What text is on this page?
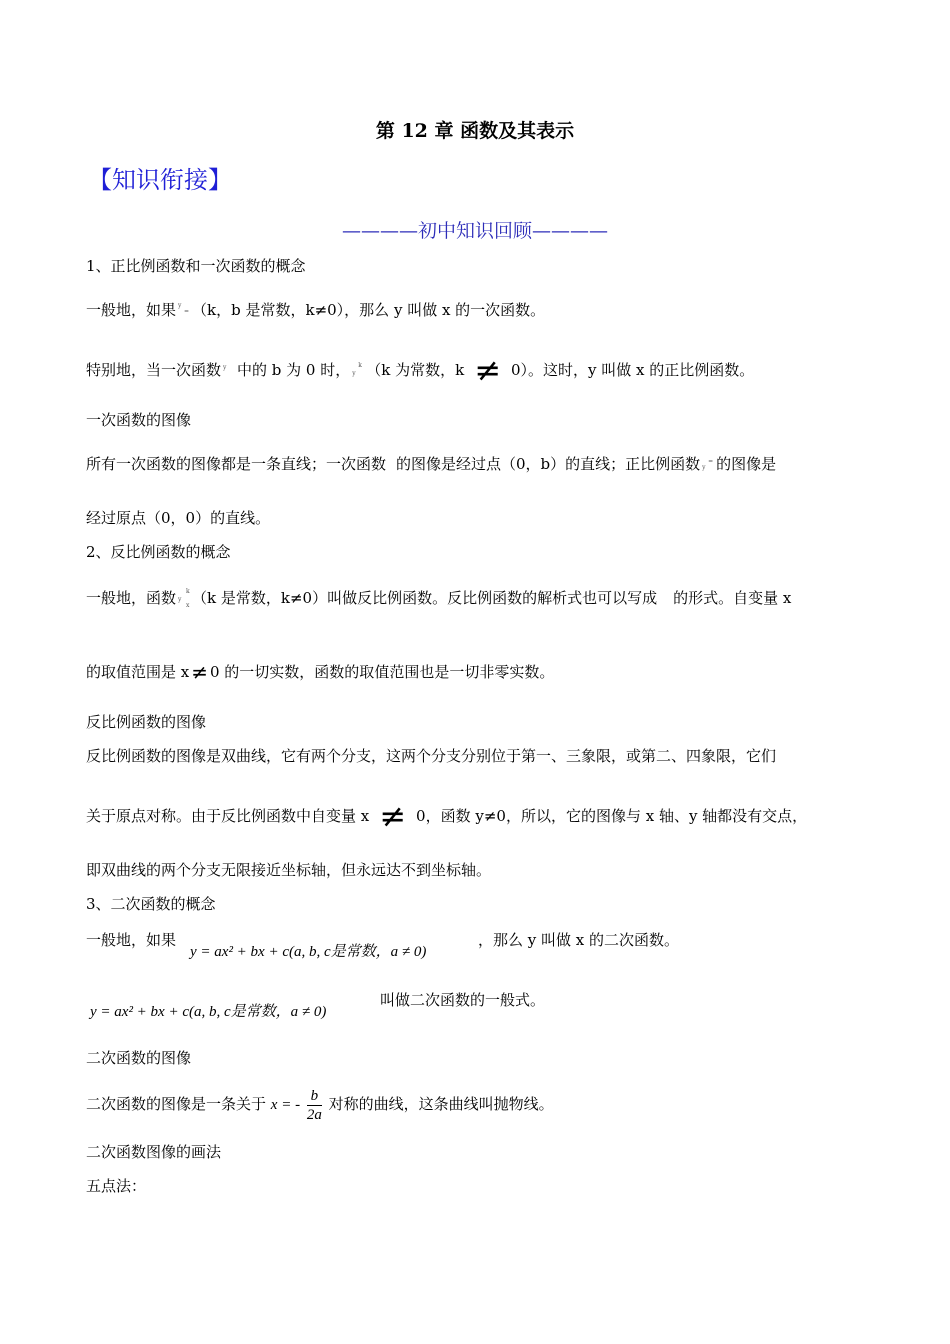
第 12 章 函数及其表示
【知识衔接】
————初中知识回顾————
1、正比例函数和一次函数的概念
一般地，如果 y
= （k，b 是常数，k≠0），那么 y 叫做 x 的一次函数。
特别地，当一次函数 y 中的 b 为 0 时， y
k （k 为常数，k ≠ 0）。这时，y 叫做 x 的正比例函数。
一次函数的图像
所有一次函数的图像都是一条直线；一次函数 的图像是经过点（0，b）的直线；正比例函数 y
= 的图像是
经过原点（0，0）的直线。
2、反比例函数的概念
一般地，函数 y
k
x （k 是常数，k≠0）叫做反比例函数。反比例函数的解析式也可以写成 的形式。自变量 x
的取值范围是 x ≠ 0 的一切实数，函数的取值范围也是一切非零实数。
反比例函数的图像
反比例函数的图像是双曲线，它有两个分支，这两个分支分别位于第一、三象限，或第二、四象限，它们
关于原点对称。由于反比例函数中自变量 x ≠ 0，函数 y≠0，所以，它的图像与 x 轴、y 轴都没有交点，
即双曲线的两个分支无限接近坐标轴，但永远达不到坐标轴。
3、二次函数的概念
一般地，如果
y = ax² + bx + c(a, b, c是常数，a ≠ 0)
，那么 y 叫做 x 的二次函数。
y = ax² + bx + c(a, b, c是常数，a ≠ 0)
叫做二次函数的一般式。
二次函数的图像
二次函数的图像是一条关于 x = - $\frac{b}{2a}$ 对称的曲线，这条曲线叫抛物线。
二次函数图像的画法
五点法：
